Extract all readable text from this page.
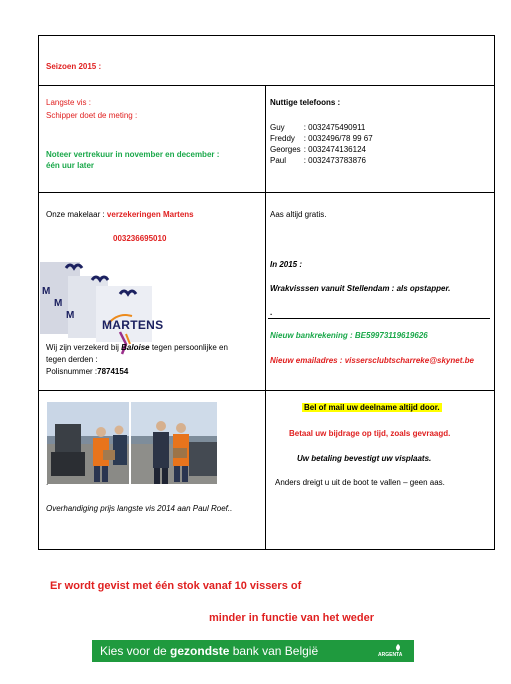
Seizoen 2015 :
Langste vis :
Schipper doet de meting :
Noteer vertrekuur in november en december :
één uur later
Nuttige telefoons :
Guy	: 0032475490911
Freddy	: 0032496/78 99 67
Georges	: 0032474136124
Paul	: 0032473783876
Onze makelaar : verzekeringen Martens
003236695010
M
M
M
MARTENS
Wij zijn verzekerd bij Baloise tegen persoonlijke en
tegen derden :
Polisnummer :7874154
Aas altijd gratis.
In 2015 :
Wrakvisssen vanuit Stellendam : als opstapper.
.
Nieuw bankrekening : BE59973119619626
Nieuw emailadres : vissersclubtscharreke@skynet.be
.
Overhandiging prijs langste vis 2014 aan Paul Roef..
Bel of mail uw deelname altijd door.
Betaal uw bijdrage op tijd, zoals gevraagd.
Uw betaling bevestigt uw visplaats.
Anders dreigt u uit de boot te vallen – geen aas.
Er wordt gevist met één stok vanaf 10 vissers of
minder in functie van het weder
Kies voor de gezondste bank van België	ARGENTA
